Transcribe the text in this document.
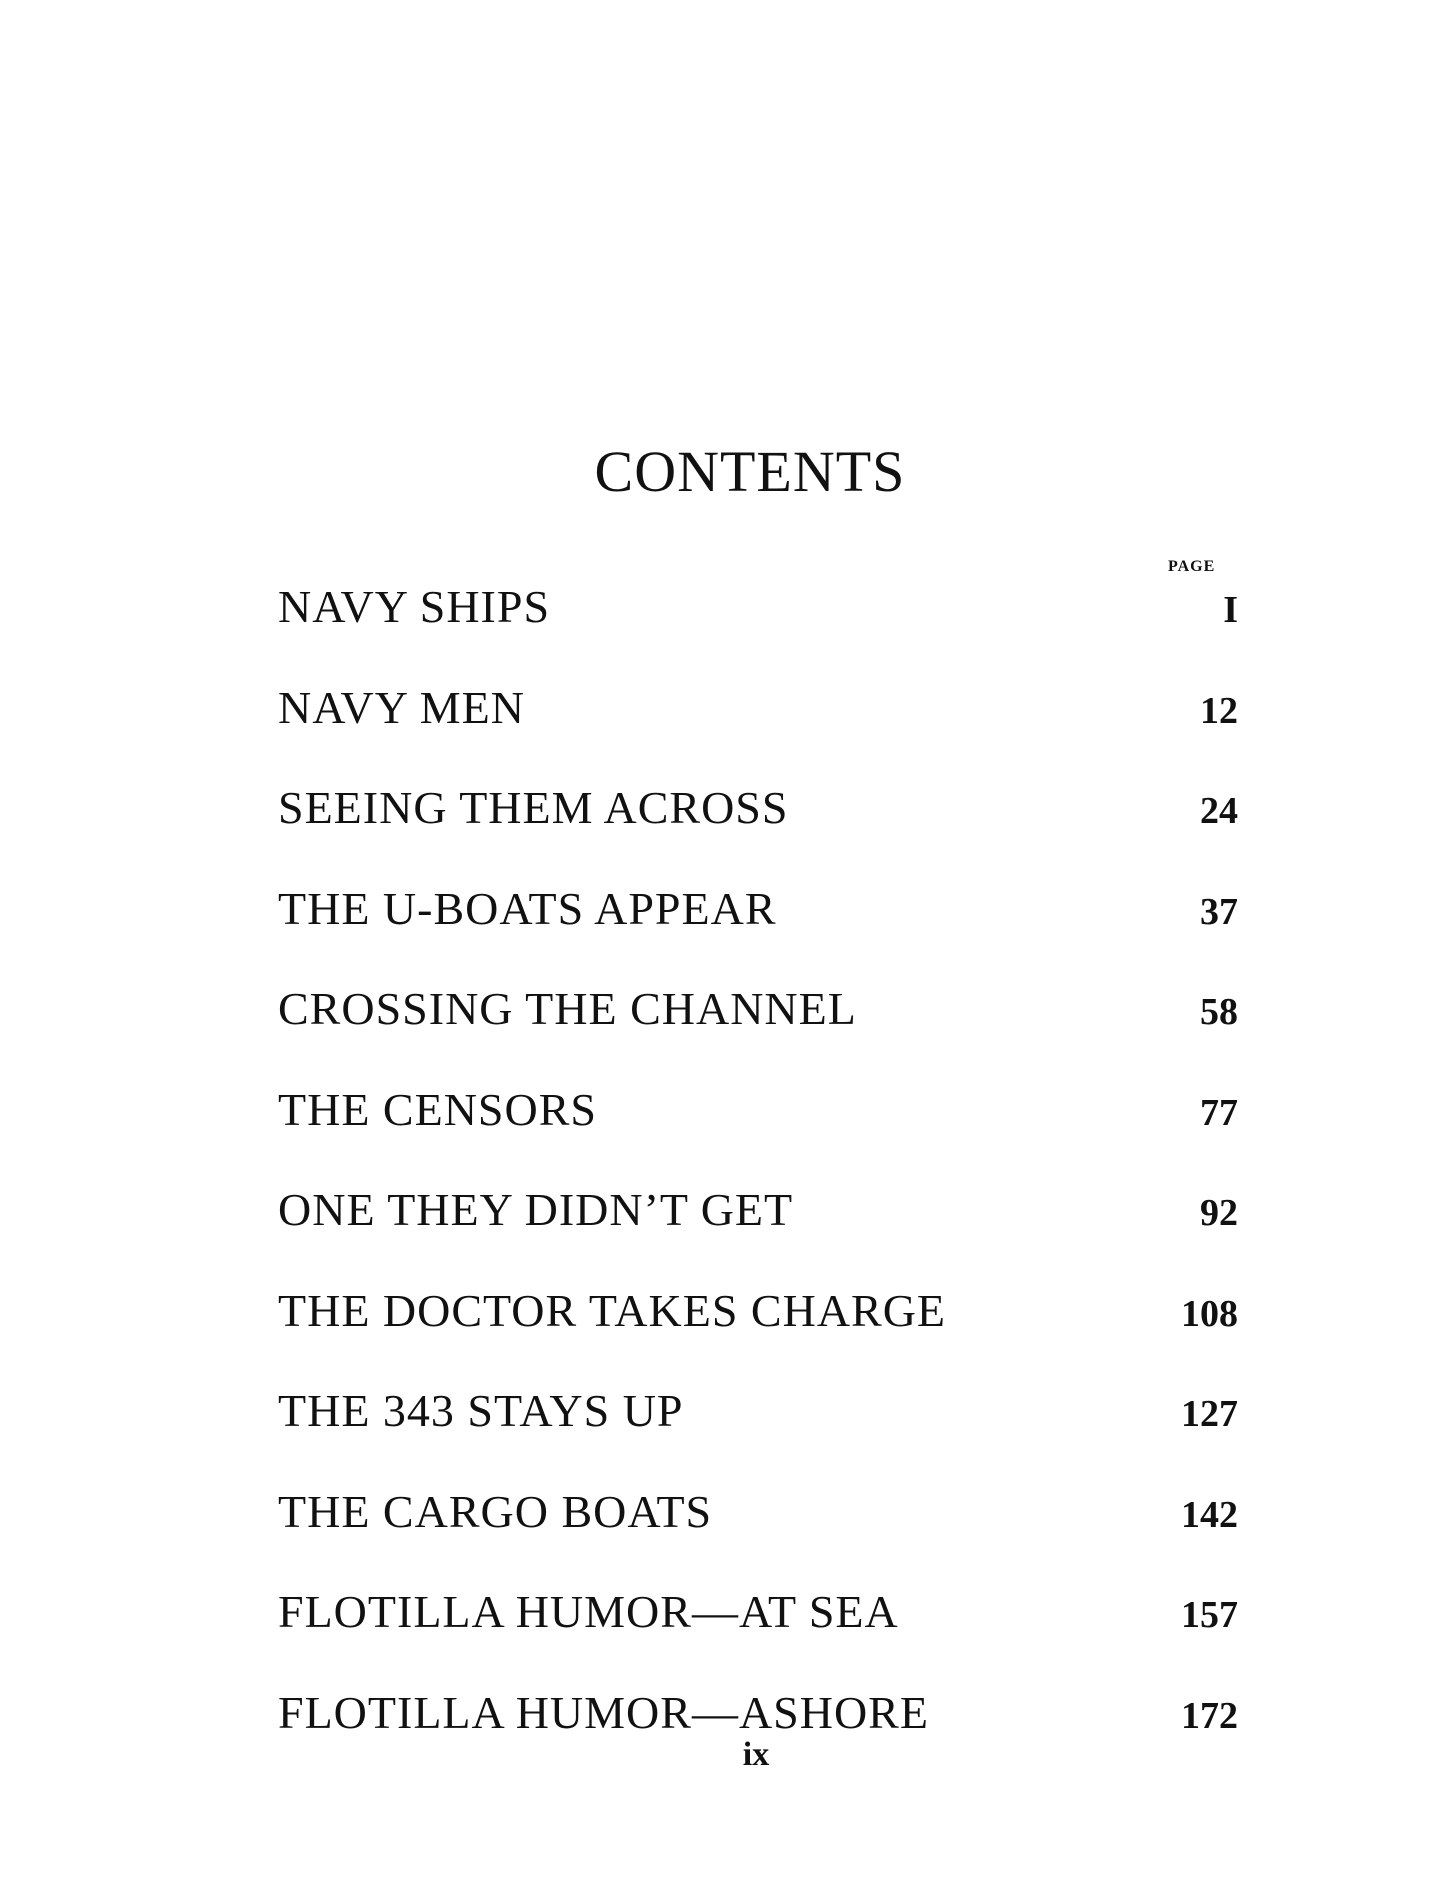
CONTENTS
PAGE
NAVY SHIPS	I
NAVY MEN	12
SEEING THEM ACROSS	24
THE U-BOATS APPEAR	37
CROSSING THE CHANNEL	58
THE CENSORS	77
ONE THEY DIDN’T GET	92
THE DOCTOR TAKES CHARGE	108
THE 343 STAYS UP	127
THE CARGO BOATS	142
FLOTILLA HUMOR—AT SEA	157
FLOTILLA HUMOR—ASHORE	172
ix
